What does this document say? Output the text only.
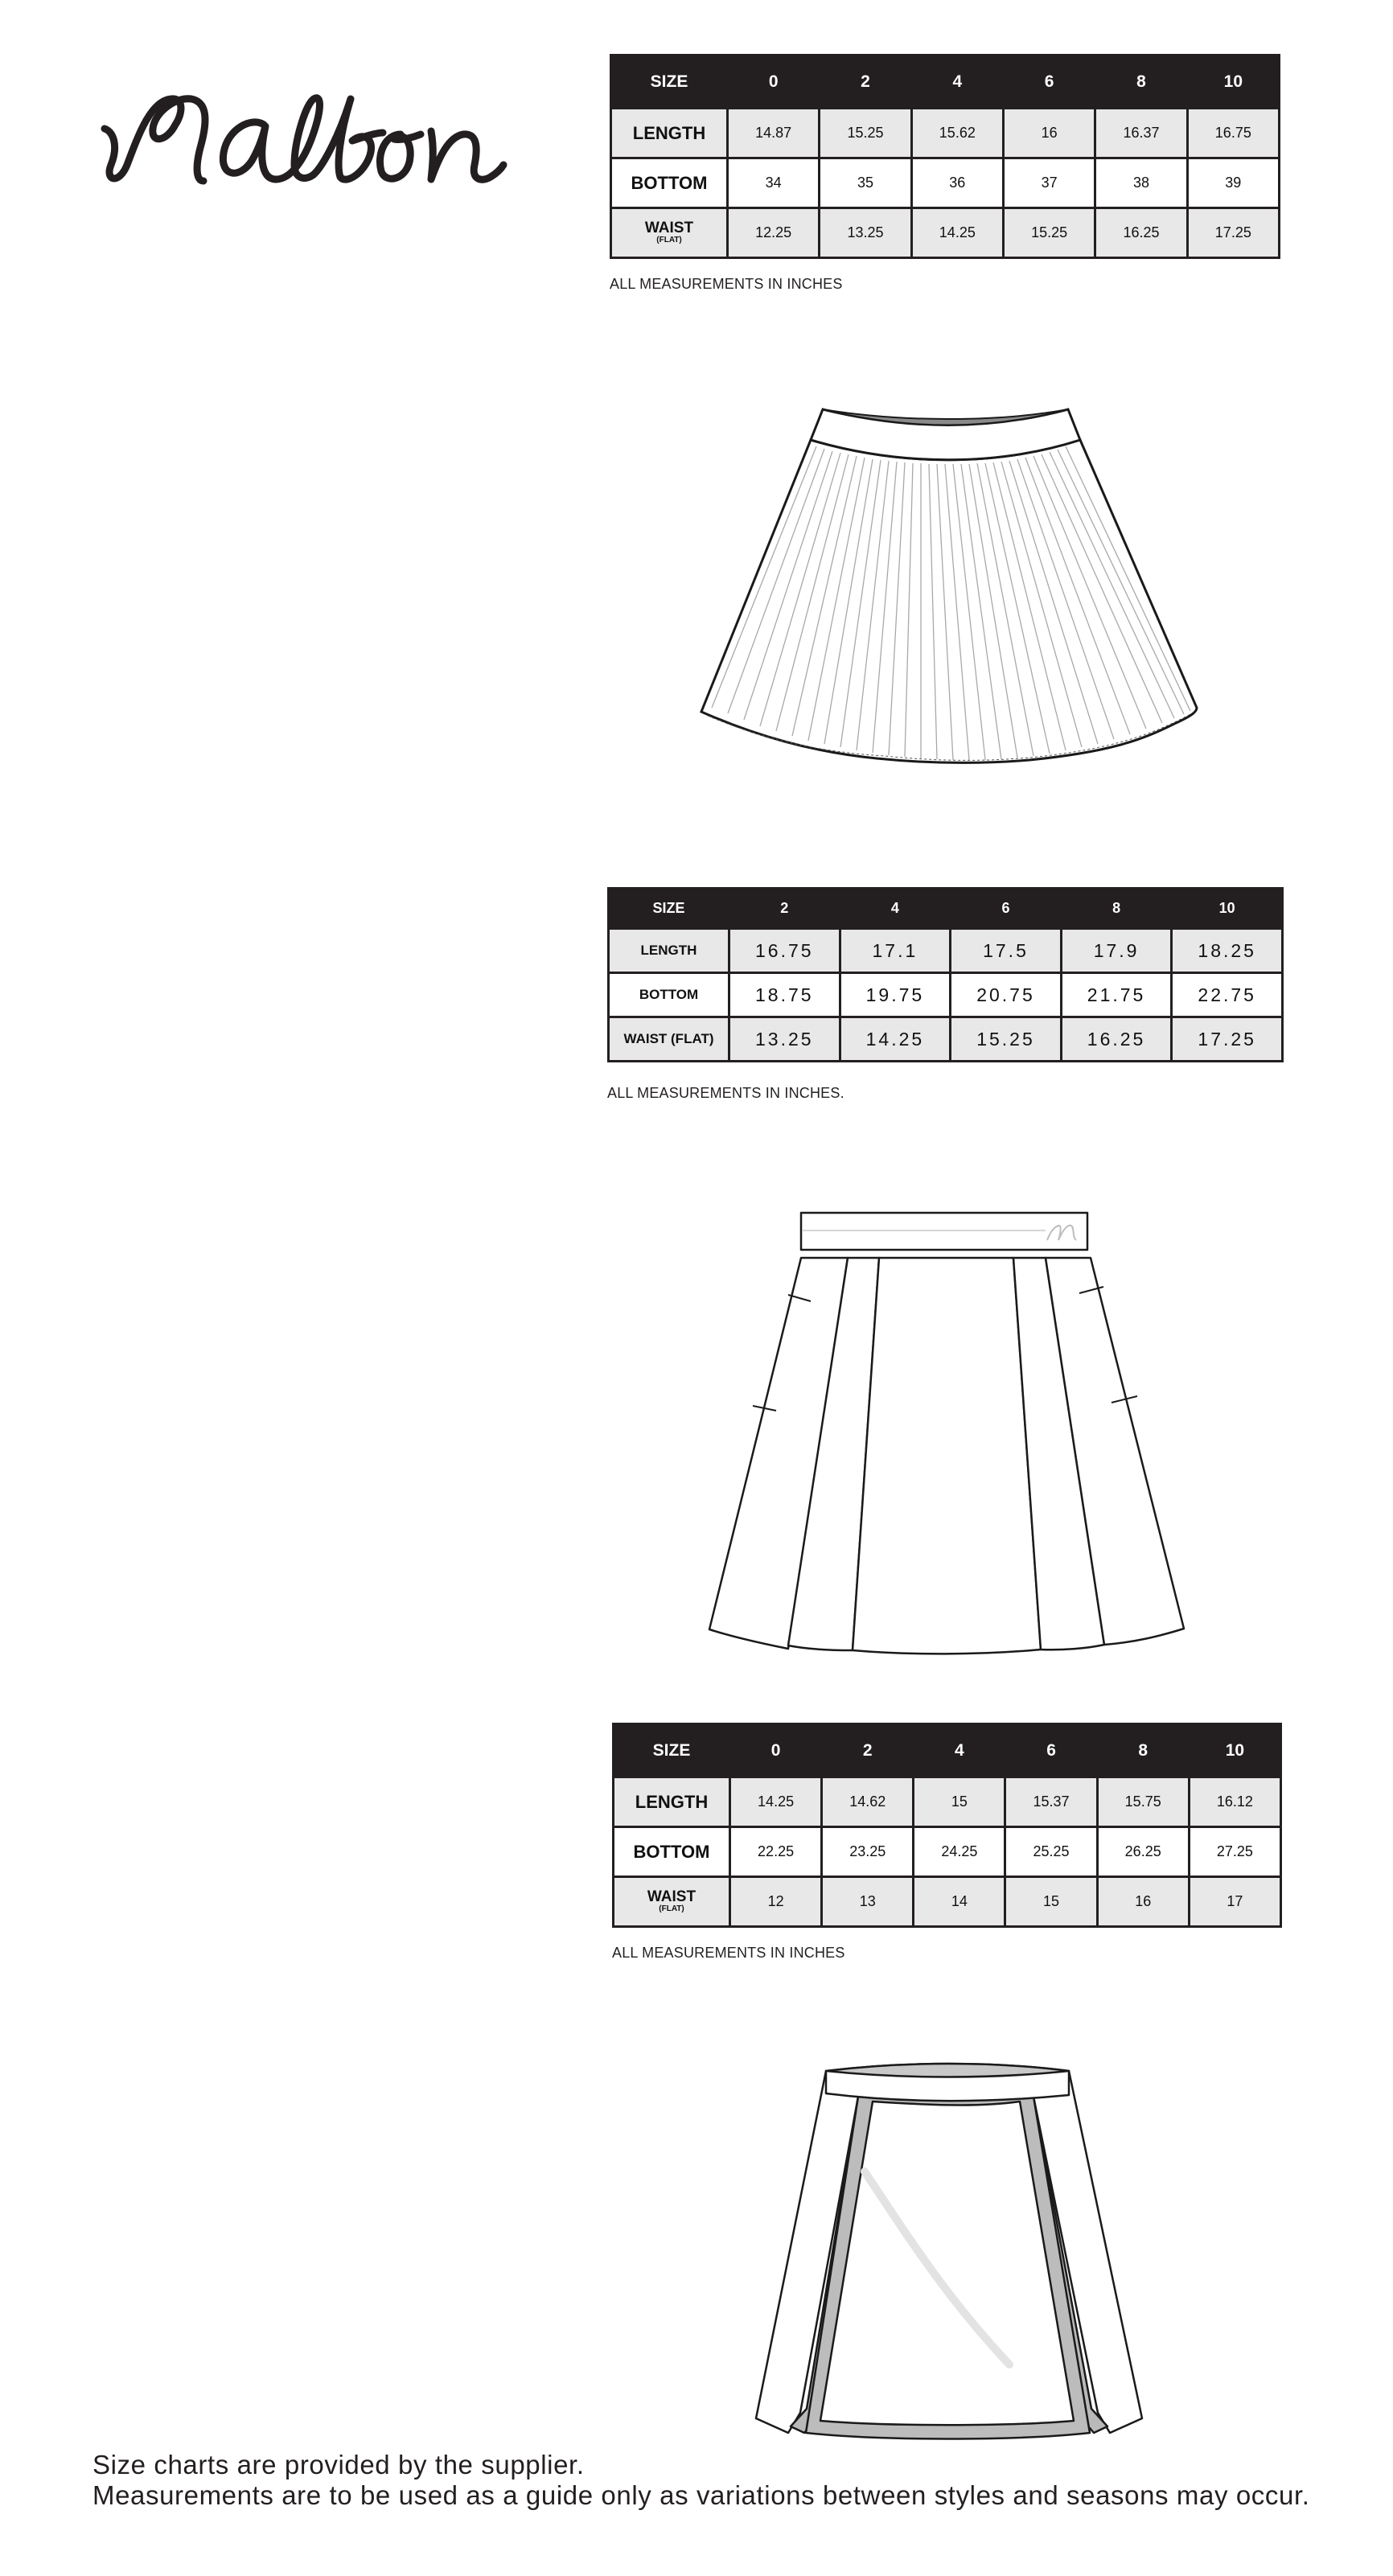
SIZE	0	2	4	6	8	10
LENGTH	14.87	15.25	15.62	16	16.37	16.75
BOTTOM	34	35	36	37	38	39

WAIST
(FLAT)	12.25	13.25	14.25	15.25	16.25	17.25
ALL MEASUREMENTS IN INCHES
SIZE	2	4	6	8	10
LENGTH	16.75	17.1	17.5	17.9	18.25
BOTTOM	18.75	19.75	20.75	21.75	22.75
WAIST (FLAT)	13.25	14.25	15.25	16.25	17.25
ALL MEASUREMENTS IN INCHES.
SIZE	0	2	4	6	8	10
LENGTH	14.25	14.62	15	15.37	15.75	16.12
BOTTOM	22.25	23.25	24.25	25.25	26.25	27.25

WAIST
(FLAT)	12	13	14	15	16	17
ALL MEASUREMENTS IN INCHES
Size charts are provided by the supplier.
Measurements are to be used as a guide only as variations between styles and seasons may occur.
